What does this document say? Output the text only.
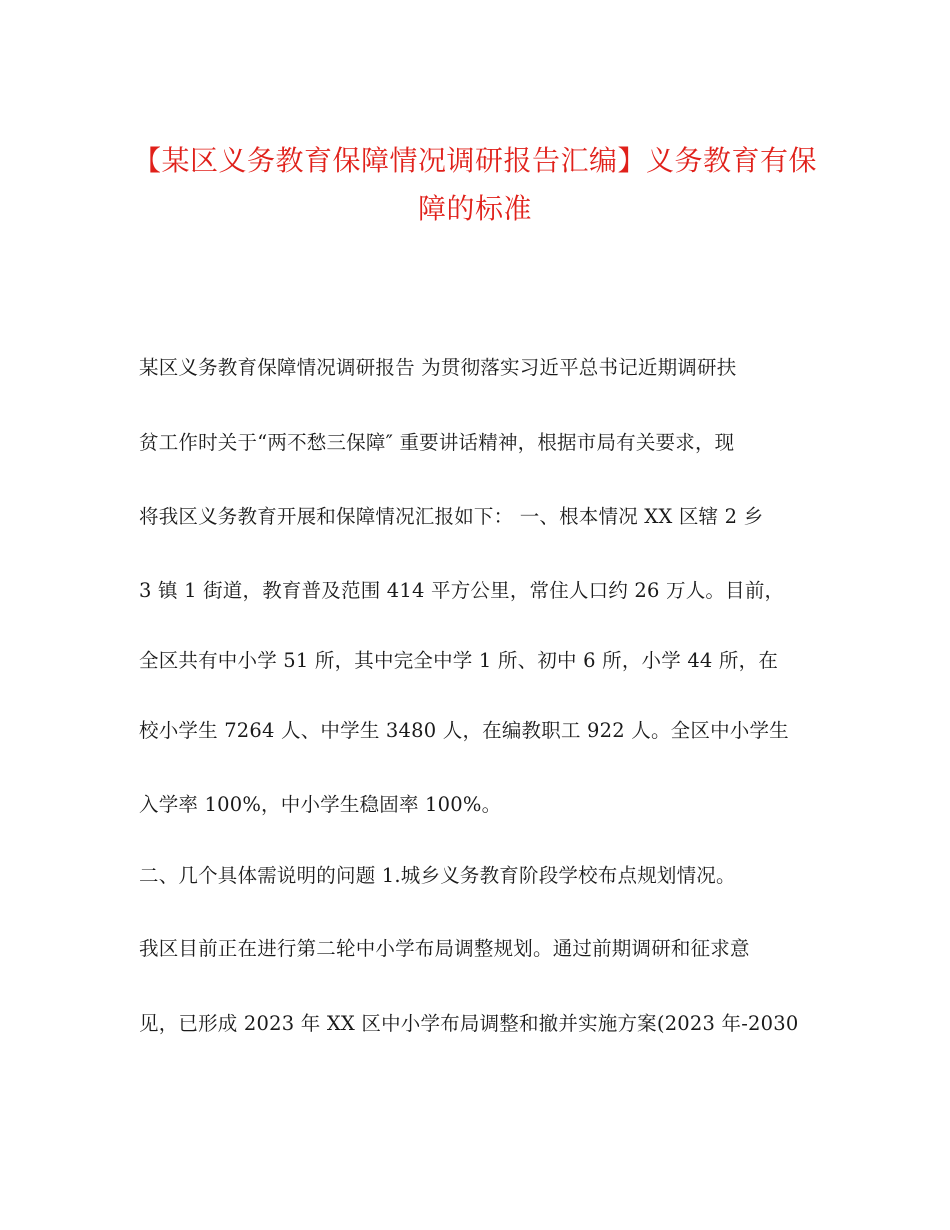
【某区义务教育保障情况调研报告汇编】义务教育有保障的标准
某区义务教育保障情况调研报告 为贯彻落实习近平总书记近期调研扶
贫工作时关于“两不愁三保障″ 重要讲话精神，根据市局有关要求，现
将我区义务教育开展和保障情况汇报如下： 一、根本情况 XX 区辖 2 乡
3 镇 1 街道，教育普及范围 414 平方公里，常住人口约 26 万人。目前，
全区共有中小学 51 所，其中完全中学 1 所、初中 6 所，小学 44 所，在
校小学生 7264 人、中学生 3480 人，在编教职工 922 人。全区中小学生
入学率 100%，中小学生稳固率 100%。
二、几个具体需说明的问题 1.城乡义务教育阶段学校布点规划情况。
我区目前正在进行第二轮中小学布局调整规划。通过前期调研和征求意
见，已形成 2023 年 XX 区中小学布局调整和撤并实施方案(2023 年-2030
